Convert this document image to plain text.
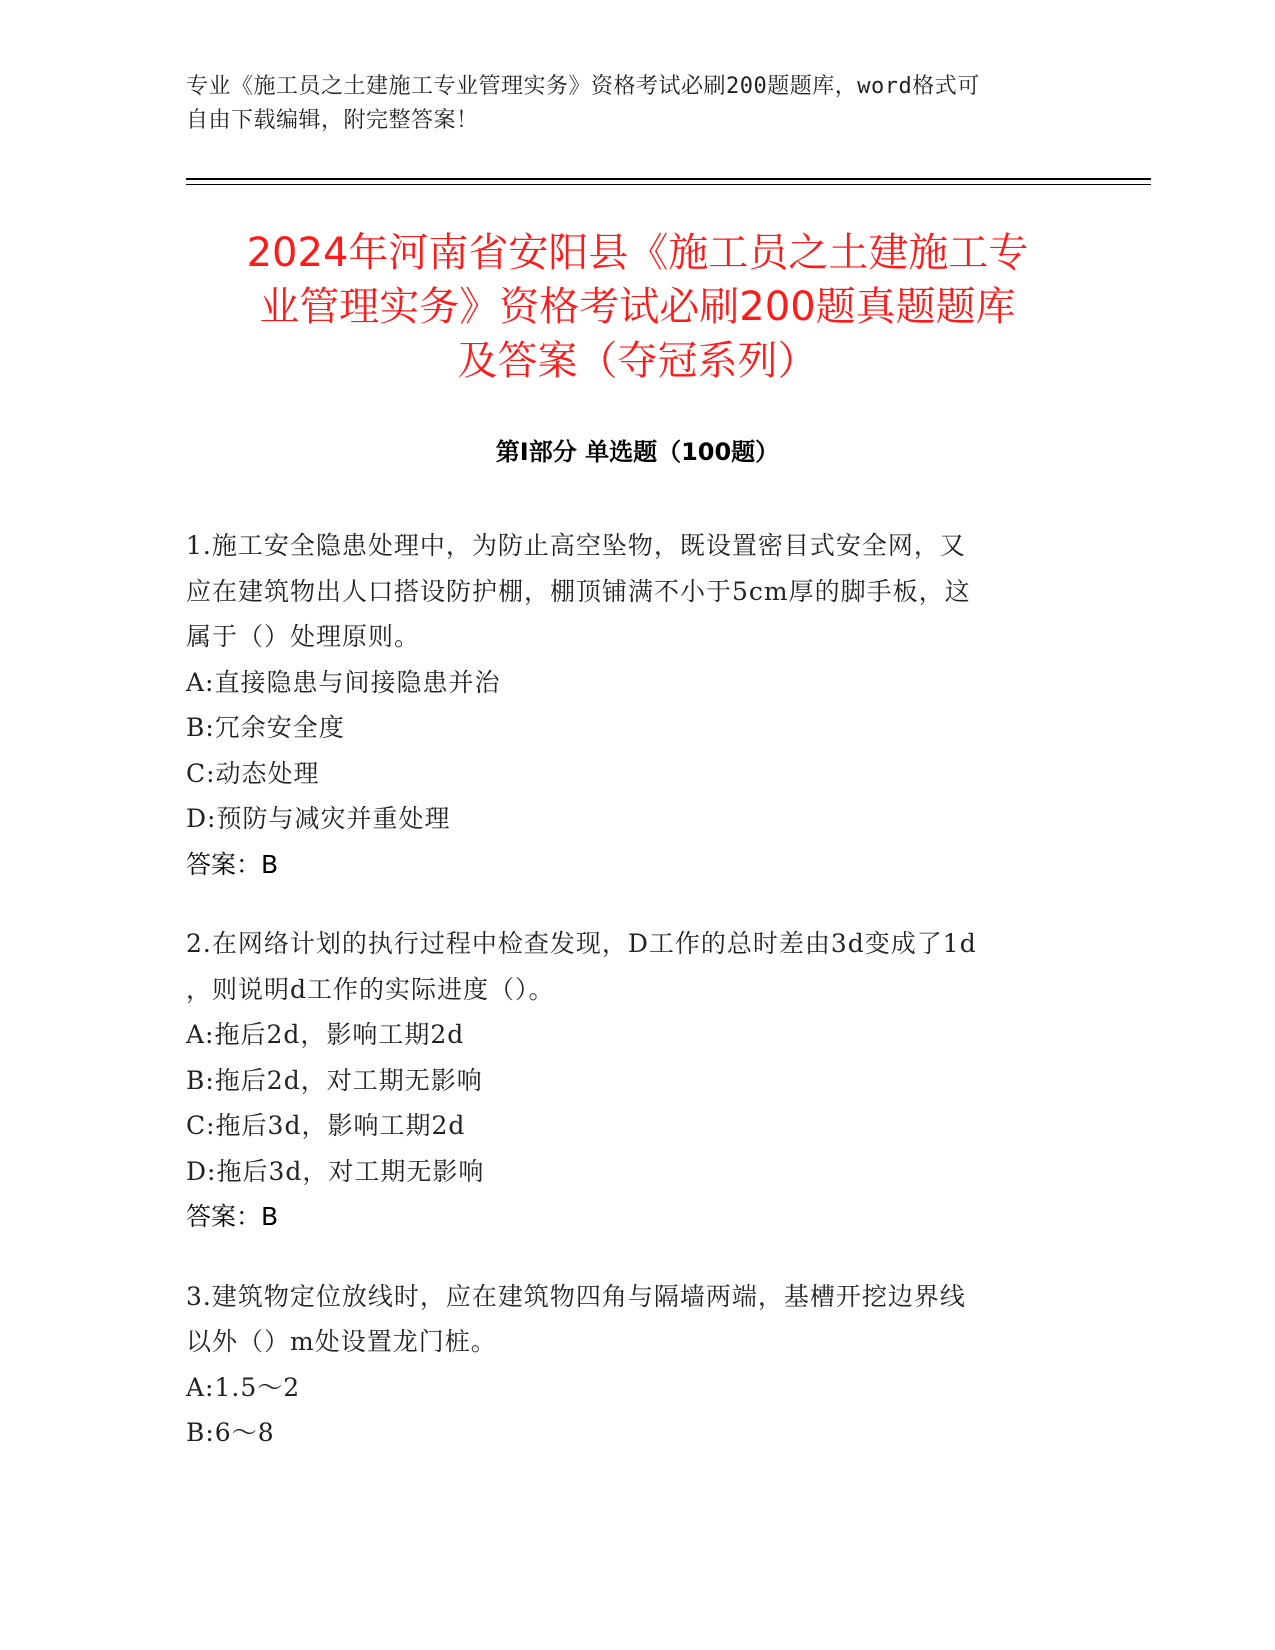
专业《施工员之土建施工专业管理实务》资格考试必刷200题题库，word格式可
自由下载编辑，附完整答案！
2024年河南省安阳县《施工员之土建施工专
业管理实务》资格考试必刷200题真题题库
及答案（夺冠系列）
第Ⅰ部分 单选题（100题）
1.施工安全隐患处理中，为防止高空坠物，既设置密目式安全网，又
应在建筑物出人口搭设防护棚，棚顶铺满不小于5cm厚的脚手板，这
属于（）处理原则。
A:直接隐患与间接隐患并治
B:冗余安全度
C:动态处理
D:预防与减灾并重处理
答案：B
2.在网络计划的执行过程中检查发现，D工作的总时差由3d变成了1d
，则说明d工作的实际进度（）。
A:拖后2d，影响工期2d
B:拖后2d，对工期无影响
C:拖后3d，影响工期2d
D:拖后3d，对工期无影响
答案：B
3.建筑物定位放线时，应在建筑物四角与隔墙两端，基槽开挖边界线
以外（）m处设置龙门桩。
A:1.5～2
B:6～8
